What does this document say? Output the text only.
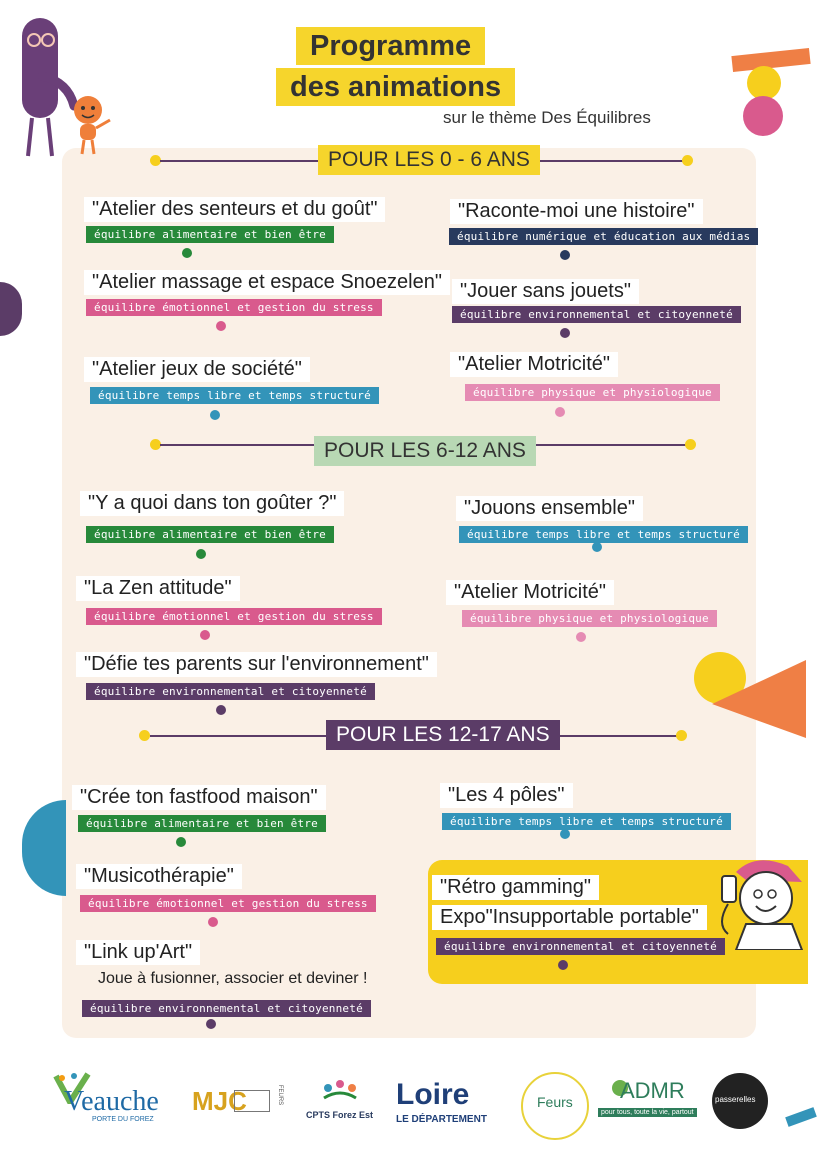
Programme
des animations
sur le thème Des Équilibres
POUR LES 0 - 6 ANS
"Atelier des senteurs et du goût"
équilibre alimentaire et bien être
"Raconte-moi une histoire"
équilibre numérique et éducation aux médias
"Atelier massage et espace Snoezelen"
équilibre émotionnel et gestion du stress
"Jouer sans jouets"
équilibre environnemental et citoyenneté
"Atelier jeux de société"
équilibre temps libre et temps structuré
"Atelier Motricité"
équilibre physique et physiologique
POUR LES 6-12 ANS
"Y a quoi dans ton goûter ?"
équilibre alimentaire et bien être
"Jouons ensemble"
équilibre temps libre et temps structuré
"La Zen attitude"
équilibre émotionnel et gestion du stress
"Atelier Motricité"
équilibre physique et physiologique
"Défie tes parents sur l'environnement"
équilibre environnemental et citoyenneté
POUR LES 12-17 ANS
"Crée ton fastfood maison"
équilibre alimentaire et bien être
"Les 4 pôles"
équilibre temps libre et temps structuré
"Musicothérapie"
équilibre émotionnel et gestion du stress
"Link up'Art"
Joue à fusionner, associer et deviner !
équilibre environnemental et citoyenneté
"Rétro gamming"
Expo"Insupportable portable"
équilibre environnemental et citoyenneté
Veauche
PORTE DU FOREZ
MJC	FEURS
CPTS Forez Est
Loire
LE DÉPARTEMENT
Feurs ADMR
pour tous, toute la vie, partout
passerelles
